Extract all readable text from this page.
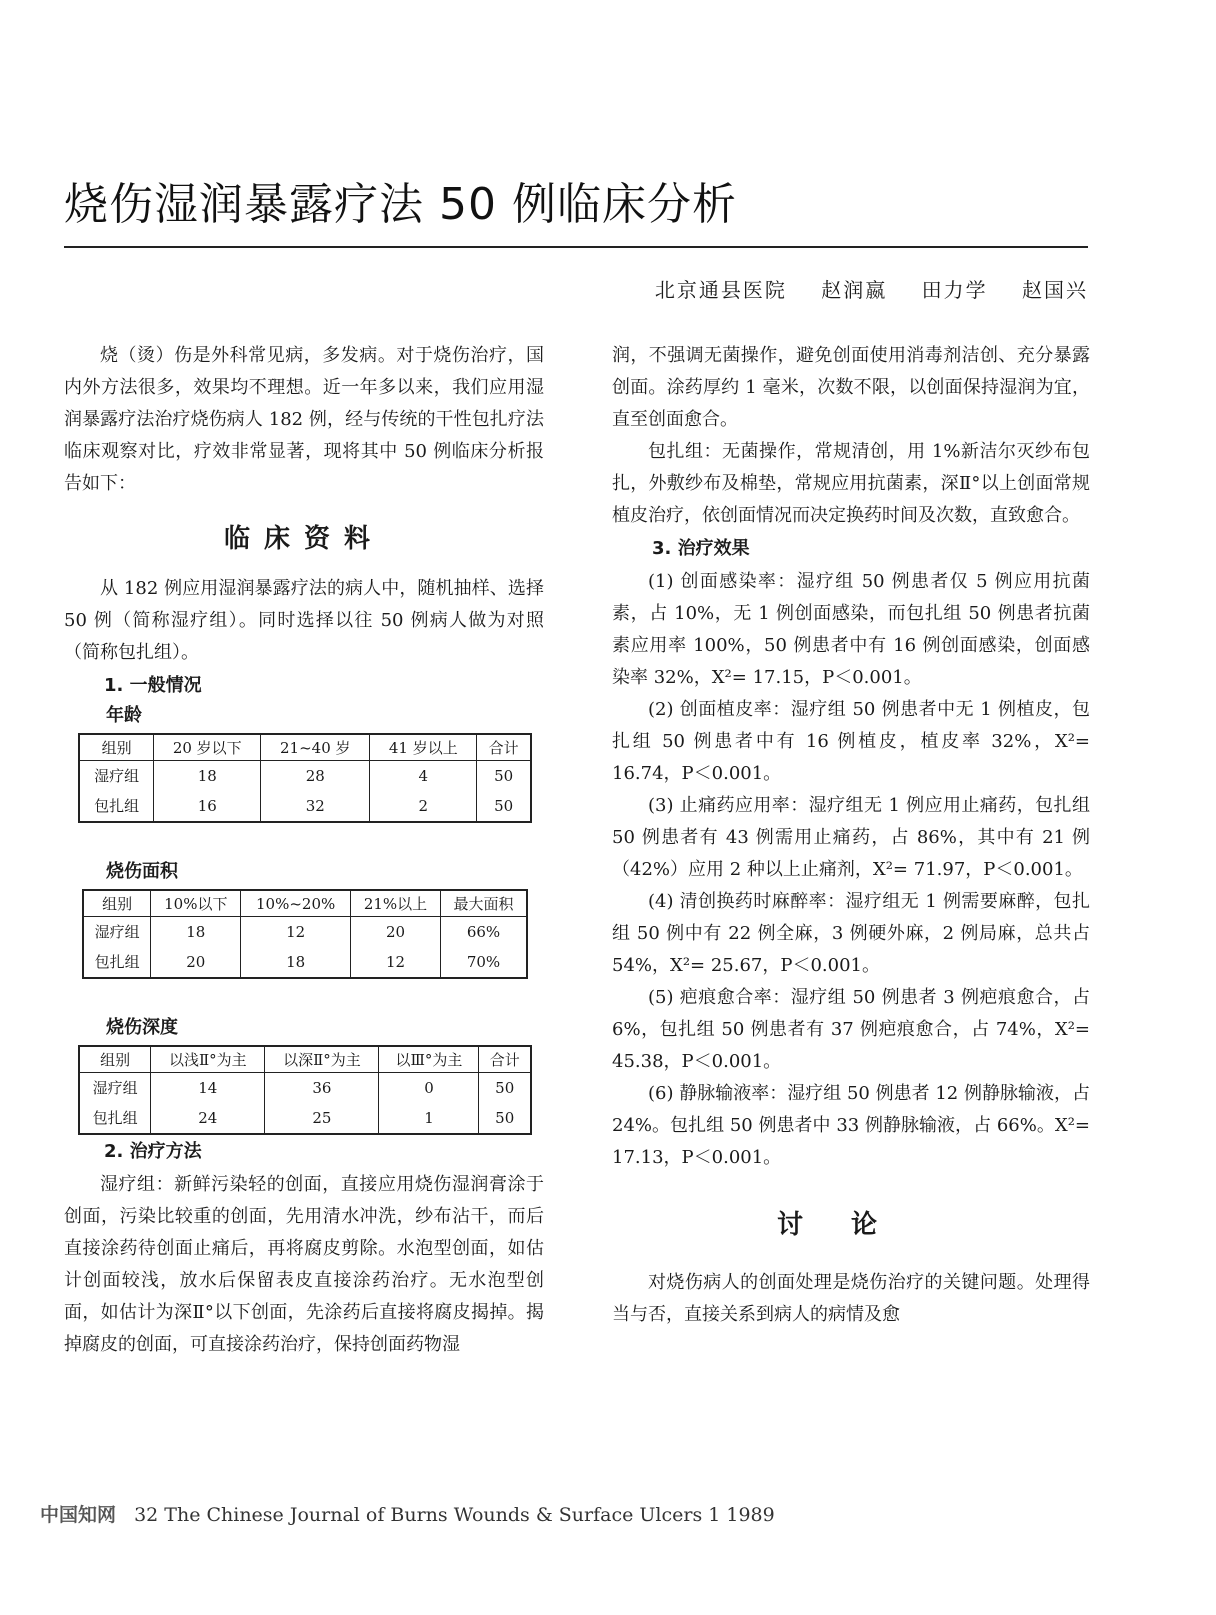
烧伤湿润暴露疗法 50 例临床分析
北京通县医院 赵润嬴 田力学 赵国兴

烧（烫）伤是外科常见病，多发病。对于烧伤治疗，国内外方法很多，效果均不理想。近一年多以来，我们应用湿润暴露疗法治疗烧伤病人 182 例，经与传统的干性包扎疗法临床观察对比，疗效非常显著，现将其中 50 例临床分析报告如下：

临床资料

从 182 例应用湿润暴露疗法的病人中，随机抽样、选择 50 例（简称湿疗组）。同时选择以往 50 例病人做为对照（简称包扎组）。

1. 一般情况
年龄
组别	20 岁以下	21~40 岁	41 岁以上	合计
湿疗组	18	28	4	50
包扎组	16	32	2	50
烧伤面积
组别	10%以下	10%~20%	21%以上	最大面积
湿疗组	18	12	20	66%
包扎组	20	18	12	70%
烧伤深度
组别	以浅Ⅱ°为主	以深Ⅱ°为主	以Ⅲ°为主	合计
湿疗组	14	36	0	50
包扎组	24	25	1	50
2. 治疗方法

湿疗组：新鲜污染轻的创面，直接应用烧伤湿润膏涂于创面，污染比较重的创面，先用清水冲洗，纱布沾干，而后直接涂药待创面止痛后，再将腐皮剪除。水泡型创面，如估计创面较浅，放水后保留表皮直接涂药治疗。无水泡型创面，如估计为深Ⅱ°以下创面，先涂药后直接将腐皮揭掉。揭掉腐皮的创面，可直接涂药治疗，保持创面药物湿

润，不强调无菌操作，避免创面使用消毒剂洁创、充分暴露创面。涂药厚约 1 毫米，次数不限，以创面保持湿润为宜，直至创面愈合。

包扎组：无菌操作，常规清创，用 1%新洁尔灭纱布包扎，外敷纱布及棉垫，常规应用抗菌素，深Ⅱ°以上创面常规植皮治疗，依创面情况而决定换药时间及次数，直致愈合。

3. 治疗效果

(1) 创面感染率：湿疗组 50 例患者仅 5 例应用抗菌素，占 10%，无 1 例创面感染，而包扎组 50 例患者抗菌素应用率 100%，50 例患者中有 16 例创面感染，创面感染率 32%，X²= 17.15，P＜0.001。

(2) 创面植皮率：湿疗组 50 例患者中无 1 例植皮，包扎组 50 例患者中有 16 例植皮，植皮率 32%，X²= 16.74，P＜0.001。

(3) 止痛药应用率：湿疗组无 1 例应用止痛药，包扎组 50 例患者有 43 例需用止痛药，占 86%，其中有 21 例（42%）应用 2 种以上止痛剂，X²= 71.97，P＜0.001。

(4) 清创换药时麻醉率：湿疗组无 1 例需要麻醉，包扎组 50 例中有 22 例全麻，3 例硬外麻，2 例局麻，总共占 54%，X²= 25.67，P＜0.001。

(5) 疤痕愈合率：湿疗组 50 例患者 3 例疤痕愈合，占 6%，包扎组 50 例患者有 37 例疤痕愈合，占 74%，X²= 45.38，P＜0.001。

(6) 静脉输液率：湿疗组 50 例患者 12 例静脉输液，占 24%。包扎组 50 例患者中 33 例静脉输液，占 66%。X²= 17.13，P＜0.001。

讨论

对烧伤病人的创面处理是烧伤治疗的关键问题。处理得当与否，直接关系到病人的病情及愈

中国知网 32 The Chinese Journal of Burns Wounds & Surface Ulcers 1 1989
